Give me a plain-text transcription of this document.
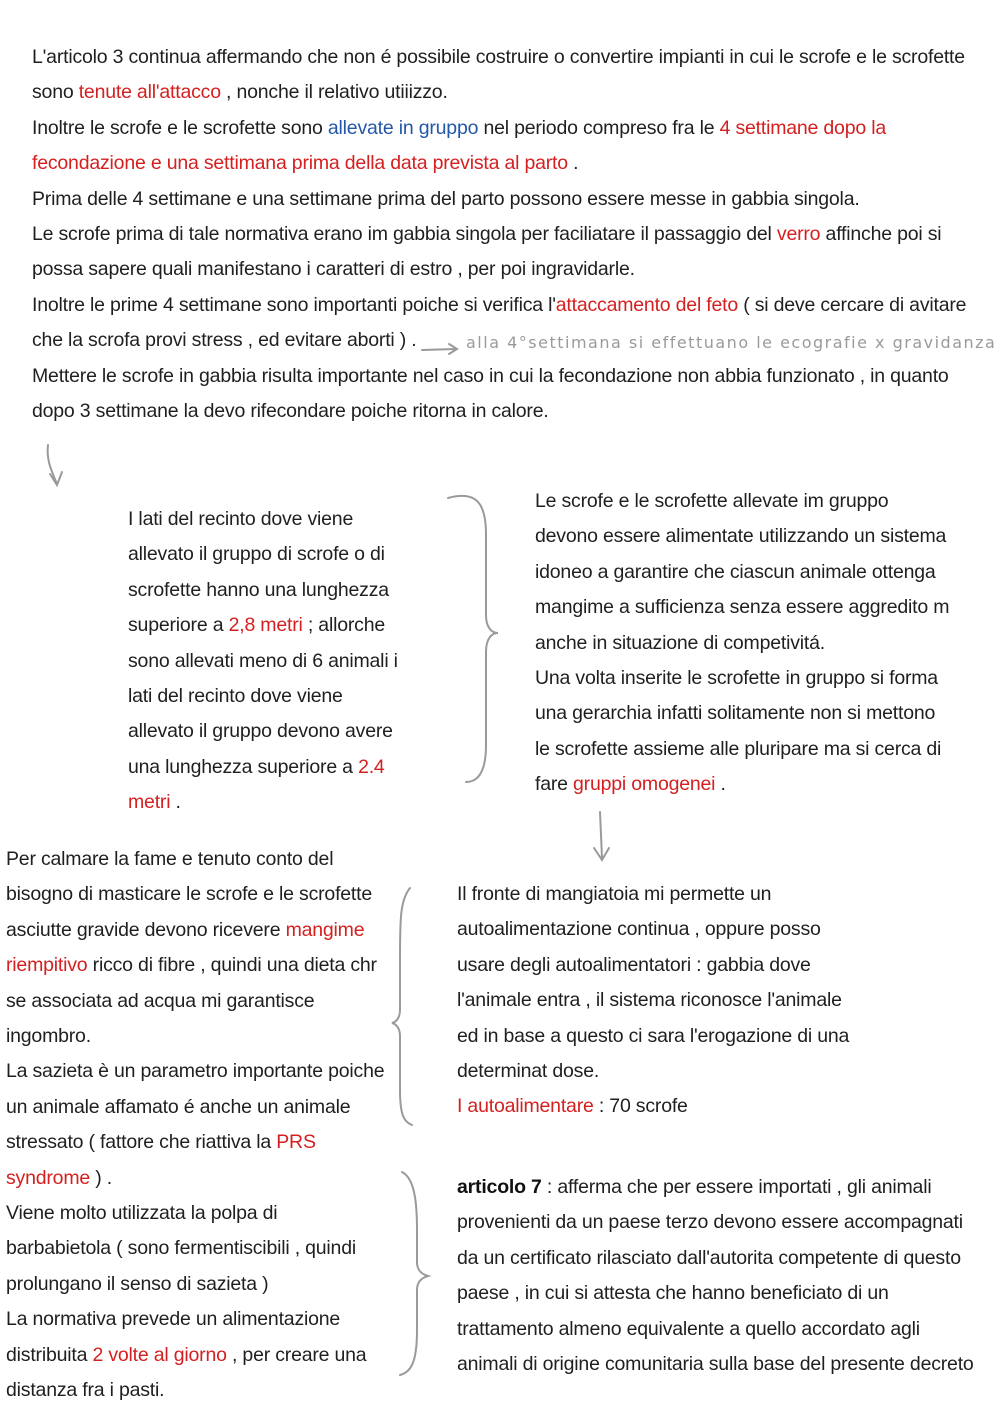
L'articolo 3 continua affermando che non é possibile costruire o convertire impianti in cui le scrofe e le scrofette
sono tenute all'attacco , nonche il relativo utiiizzo.
Inoltre le scrofe e le scrofette sono allevate in gruppo nel periodo compreso fra le 4 settimane dopo la
fecondazione e una settimana prima della data prevista al parto .
Prima delle 4 settimane e una settimane prima del parto possono essere messe in gabbia singola.
Le scrofe prima di tale normativa erano im gabbia singola per faciliatare il passaggio del verro affinche poi si
possa sapere quali manifestano i caratteri di estro , per poi ingravidarle.
Inoltre le prime 4 settimane sono importanti poiche si verifica l'attaccamento del feto ( si deve cercare di avitare
che la scrofa provi stress , ed evitare aborti ) .
Mettere le scrofe in gabbia risulta importante nel caso in cui la fecondazione non abbia funzionato , in quanto
dopo 3 settimane la devo rifecondare poiche ritorna in calore.
alla 4°settimana si effettuano le ecografie x gravidanza
I lati del recinto dove viene allevato il gruppo di scrofe o di scrofette hanno una lunghezza superiore a 2,8 metri ; allorche sono allevati meno di 6 animali i lati del recinto dove viene allevato il gruppo devono avere una lunghezza superiore a 2.4 metri .
Le scrofe e le scrofette allevate im gruppo devono essere alimentate utilizzando un sistema idoneo a garantire che ciascun animale ottenga mangime a sufficienza senza essere aggredito m anche in situazione di competivitá.
Una volta inserite le scrofette in gruppo si forma una gerarchia infatti solitamente non si mettono le scrofette assieme alle pluripare ma si cerca di fare gruppi omogenei .
Per calmare la fame e tenuto conto del bisogno di masticare le scrofe e le scrofette asciutte gravide devono ricevere mangime riempitivo ricco di fibre , quindi una dieta chr se associata ad acqua mi garantisce ingombro.
La sazieta è un parametro importante poiche un animale affamato é anche un animale stressato ( fattore che riattiva la PRS syndrome ) .
Viene molto utilizzata la polpa di barbabietola ( sono fermentiscibili , quindi prolungano il senso di sazieta )
La normativa prevede un alimentazione distribuita 2 volte al giorno , per creare una distanza fra i pasti.
Il fronte di mangiatoia mi permette un autoalimentazione continua , oppure posso usare degli autoalimentatori : gabbia dove l'animale entra , il sistema riconosce l'animale ed in base a questo ci sara l'erogazione di una determinat dose.
I autoalimentare : 70 scrofe
articolo 7 : afferma che per essere importati , gli animali provenienti da un paese terzo devono essere accompagnati da un certificato rilasciato dall'autorita competente di questo paese , in cui si attesta che hanno beneficiato di un trattamento almeno equivalente a quello accordato agli animali di origine comunitaria sulla base del presente decreto
